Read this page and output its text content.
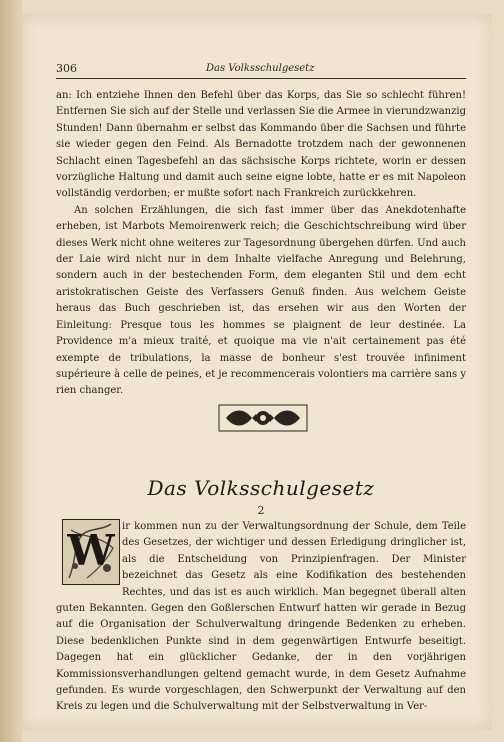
306	Das Volksschulgesetz

an: Ich entziehe Ihnen den Befehl über das Korps, das Sie so schlecht führen! Entfernen Sie sich auf der Stelle und verlassen Sie die Armee in vierundzwanzig Stunden! Dann übernahm er selbst das Kommando über die Sachsen und führte sie wieder gegen den Feind. Als Bernadotte trotzdem nach der gewonnenen Schlacht einen Tagesbefehl an das sächsische Korps richtete, worin er dessen vorzügliche Haltung und damit auch seine eigne lobte, hatte er es mit Napoleon vollständig verdorben; er mußte sofort nach Frankreich zurückkehren.

An solchen Erzählungen, die sich fast immer über das Anekdotenhafte erheben, ist Marbots Memoirenwerk reich; die Geschichtschreibung wird über dieses Werk nicht ohne weiteres zur Tagesordnung übergehen dürfen. Und auch der Laie wird nicht nur in dem Inhalte vielfache Anregung und Belehrung, sondern auch in der bestechenden Form, dem eleganten Stil und dem echt aristokratischen Geiste des Verfassers Genuß finden. Aus welchem Geiste heraus das Buch geschrieben ist, das ersehen wir aus den Worten der Einleitung: Presque tous les hommes se plaignent de leur destinée. La Providence m'a mieux traité, et quoique ma vie n'ait certainement pas été exempte de tribulations, la masse de bonheur s'est trouvée infiniment supérieure à celle de peines, et je recommencerais volontiers ma carrière sans y rien changer.

Das Volksschulgesetz
2

ir kommen nun zu der Verwaltungsordnung der Schule, dem Teile des Gesetzes, der wichtiger und dessen Erledigung dringlicher ist, als die Entscheidung von Prinzipienfragen. Der Minister bezeichnet das Gesetz als eine Kodifikation des bestehenden Rechtes, und das ist es auch wirklich. Man begegnet überall alten guten Bekannten. Gegen den Goßlerschen Entwurf hatten wir gerade in Bezug auf die Organisation der Schulverwaltung dringende Bedenken zu erheben. Diese bedenklichen Punkte sind in dem gegenwärtigen Entwurfe beseitigt. Dagegen hat ein glücklicher Gedanke, der in den vorjährigen Kommissionsverhandlungen geltend gemacht wurde, in dem Gesetz Aufnahme gefunden. Es wurde vorgeschlagen, den Schwerpunkt der Verwaltung auf den Kreis zu legen und die Schulverwaltung mit der Selbstverwaltung in Ver-

W
